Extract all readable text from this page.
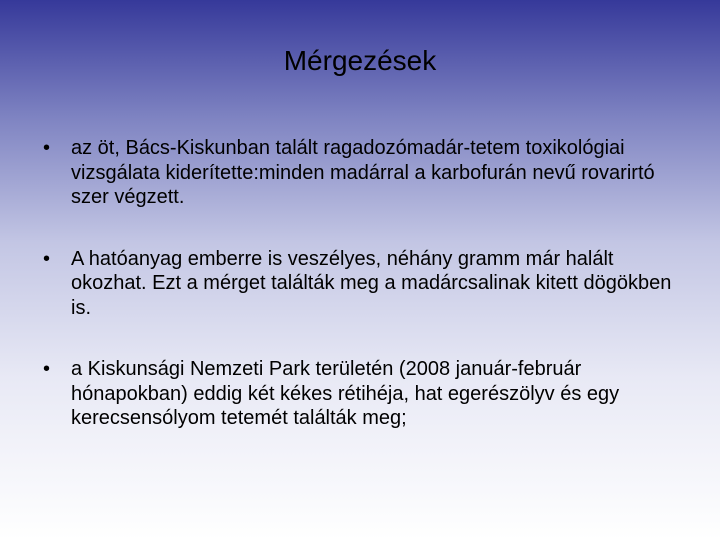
Mérgezések
• az öt, Bács-Kiskunban talált ragadozómadár-tetem toxikológiai vizsgálata kiderítette:minden madárral a karbofurán nevű rovarirtó szer végzett.
• A hatóanyag emberre is veszélyes, néhány gramm már halált okozhat. Ezt a mérget találták meg a madárcsalinak kitett dögökben is.
• a Kiskunsági Nemzeti Park területén (2008 január-február hónapokban) eddig két kékes rétihéja, hat egerészölyv és egy kerecsensólyom tetemét találták meg;
